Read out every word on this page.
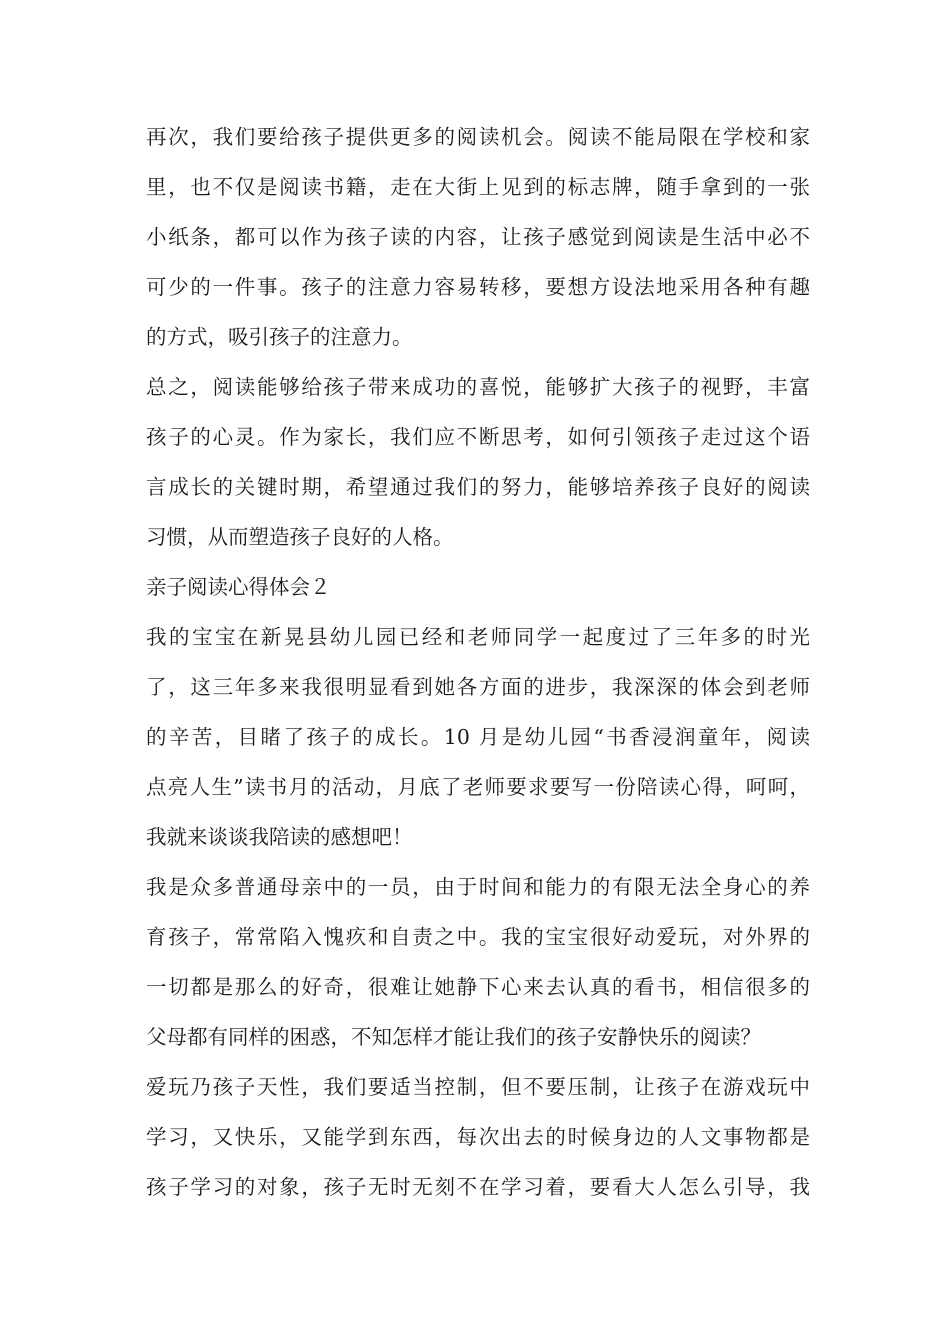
再次，我们要给孩子提供更多的阅读机会。阅读不能局限在学校和家
里，也不仅是阅读书籍，走在大街上见到的标志牌，随手拿到的一张
小纸条，都可以作为孩子读的内容，让孩子感觉到阅读是生活中必不
可少的一件事。孩子的注意力容易转移，要想方设法地采用各种有趣
的方式，吸引孩子的注意力。
总之，阅读能够给孩子带来成功的喜悦，能够扩大孩子的视野，丰富
孩子的心灵。作为家长，我们应不断思考，如何引领孩子走过这个语
言成长的关键时期，希望通过我们的努力，能够培养孩子良好的阅读
习惯，从而塑造孩子良好的人格。
亲子阅读心得体会２
我的宝宝在新晃县幼儿园已经和老师同学一起度过了三年多的时光
了，这三年多来我很明显看到她各方面的进步，我深深的体会到老师
的辛苦，目睹了孩子的成长。10 月是幼儿园“书香浸润童年，阅读
点亮人生”读书月的活动，月底了老师要求要写一份陪读心得，呵呵，
我就来谈谈我陪读的感想吧！
我是众多普通母亲中的一员，由于时间和能力的有限无法全身心的养
育孩子，常常陷入愧疚和自责之中。我的宝宝很好动爱玩，对外界的
一切都是那么的好奇，很难让她静下心来去认真的看书，相信很多的
父母都有同样的困惑，不知怎样才能让我们的孩子安静快乐的阅读？
爱玩乃孩子天性，我们要适当控制，但不要压制，让孩子在游戏玩中
学习，又快乐，又能学到东西，每次出去的时候身边的人文事物都是
孩子学习的对象，孩子无时无刻不在学习着，要看大人怎么引导，我
